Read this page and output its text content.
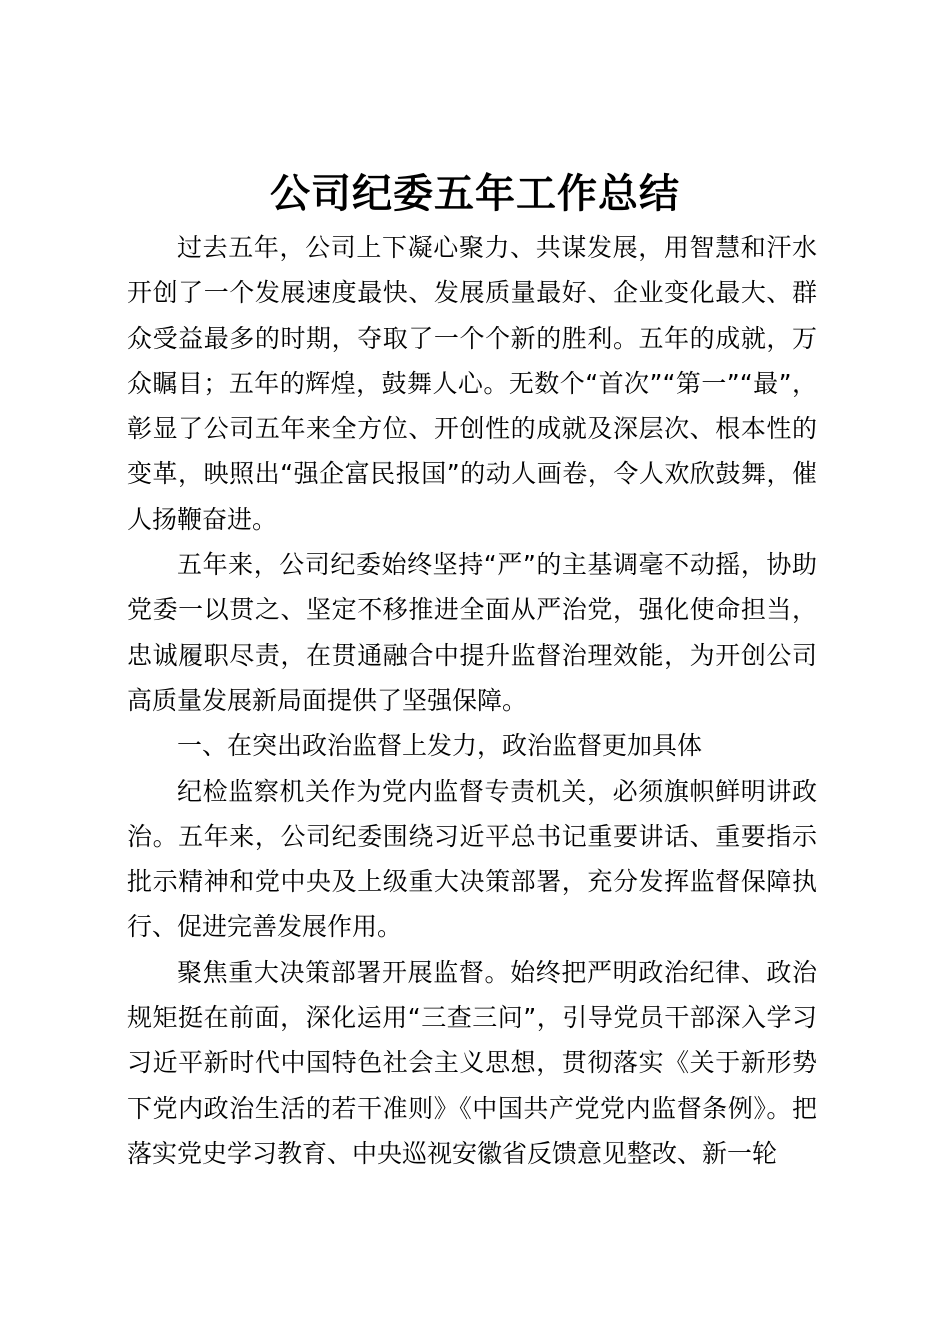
公司纪委五年工作总结

过去五年，公司上下凝心聚力、共谋发展，用智慧和汗水开创了一个发展速度最快、发展质量最好、企业变化最大、群众受益最多的时期，夺取了一个个新的胜利。五年的成就，万众瞩目；五年的辉煌，鼓舞人心。无数个“首次”“第一”“最”，彰显了公司五年来全方位、开创性的成就及深层次、根本性的变革，映照出“强企富民报国”的动人画卷，令人欢欣鼓舞，催人扬鞭奋进。

五年来，公司纪委始终坚持“严”的主基调毫不动摇，协助党委一以贯之、坚定不移推进全面从严治党，强化使命担当，忠诚履职尽责，在贯通融合中提升监督治理效能，为开创公司高质量发展新局面提供了坚强保障。

一、在突出政治监督上发力，政治监督更加具体

纪检监察机关作为党内监督专责机关，必须旗帜鲜明讲政治。五年来，公司纪委围绕习近平总书记重要讲话、重要指示批示精神和党中央及上级重大决策部署，充分发挥监督保障执行、促进完善发展作用。

聚焦重大决策部署开展监督。始终把严明政治纪律、政治规矩挺在前面，深化运用“三查三问”，引导党员干部深入学习习近平新时代中国特色社会主义思想，贯彻落实《关于新形势下党内政治生活的若干准则》《中国共产党党内监督条例》。把落实党史学习教育、中央巡视安徽省反馈意见整改、新一轮
